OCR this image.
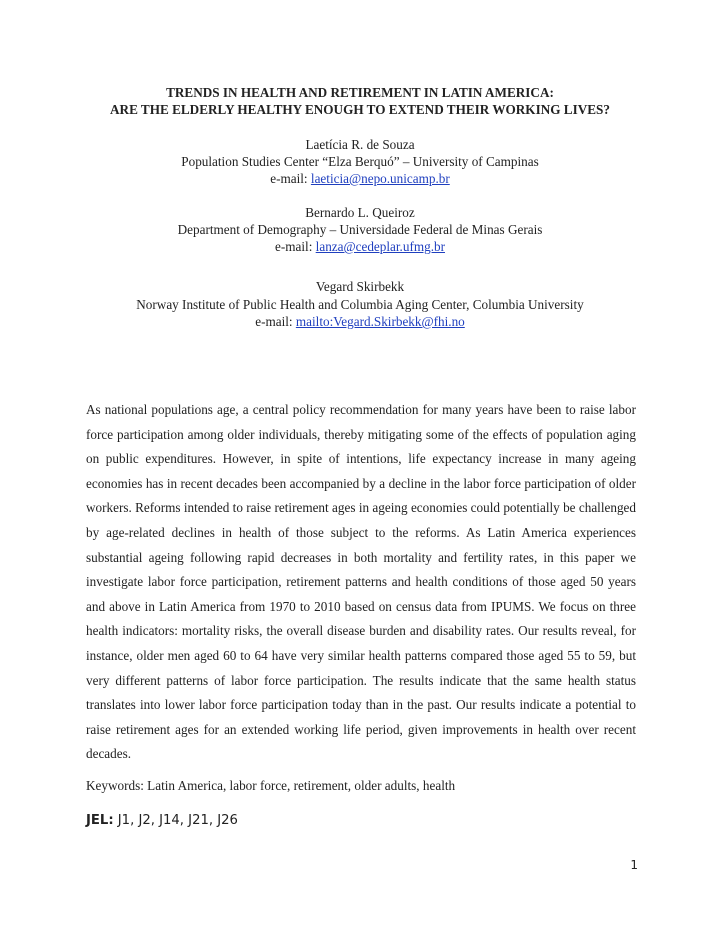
TRENDS IN HEALTH AND RETIREMENT IN LATIN AMERICA:
ARE THE ELDERLY HEALTHY ENOUGH TO EXTEND THEIR WORKING LIVES?
Laetícia R. de Souza
Population Studies Center “Elza Berquó” – University of Campinas
e-mail: laeticia@nepo.unicamp.br
Bernardo L. Queiroz
Department of Demography – Universidade Federal de Minas Gerais
e-mail: lanza@cedeplar.ufmg.br
Vegard Skirbekk
Norway Institute of Public Health and Columbia Aging Center, Columbia University
e-mail: mailto:Vegard.Skirbekk@fhi.no
As national populations age, a central policy recommendation for many years have been to raise labor force participation among older individuals, thereby mitigating some of the effects of population aging on public expenditures. However, in spite of intentions, life expectancy increase in many ageing economies has in recent decades been accompanied by a decline in the labor force participation of older workers. Reforms intended to raise retirement ages in ageing economies could potentially be challenged by age-related declines in health of those subject to the reforms. As Latin America experiences substantial ageing following rapid decreases in both mortality and fertility rates, in this paper we investigate labor force participation, retirement patterns and health conditions of those aged 50 years and above in Latin America from 1970 to 2010 based on census data from IPUMS. We focus on three health indicators: mortality risks, the overall disease burden and disability rates. Our results reveal, for instance, older men aged 60 to 64 have very similar health patterns compared those aged 55 to 59, but very different patterns of labor force participation. The results indicate that the same health status translates into lower labor force participation today than in the past. Our results indicate a potential to raise retirement ages for an extended working life period, given improvements in health over recent decades.
Keywords: Latin America, labor force, retirement, older adults, health
JEL: J1, J2, J14, J21, J26
1
